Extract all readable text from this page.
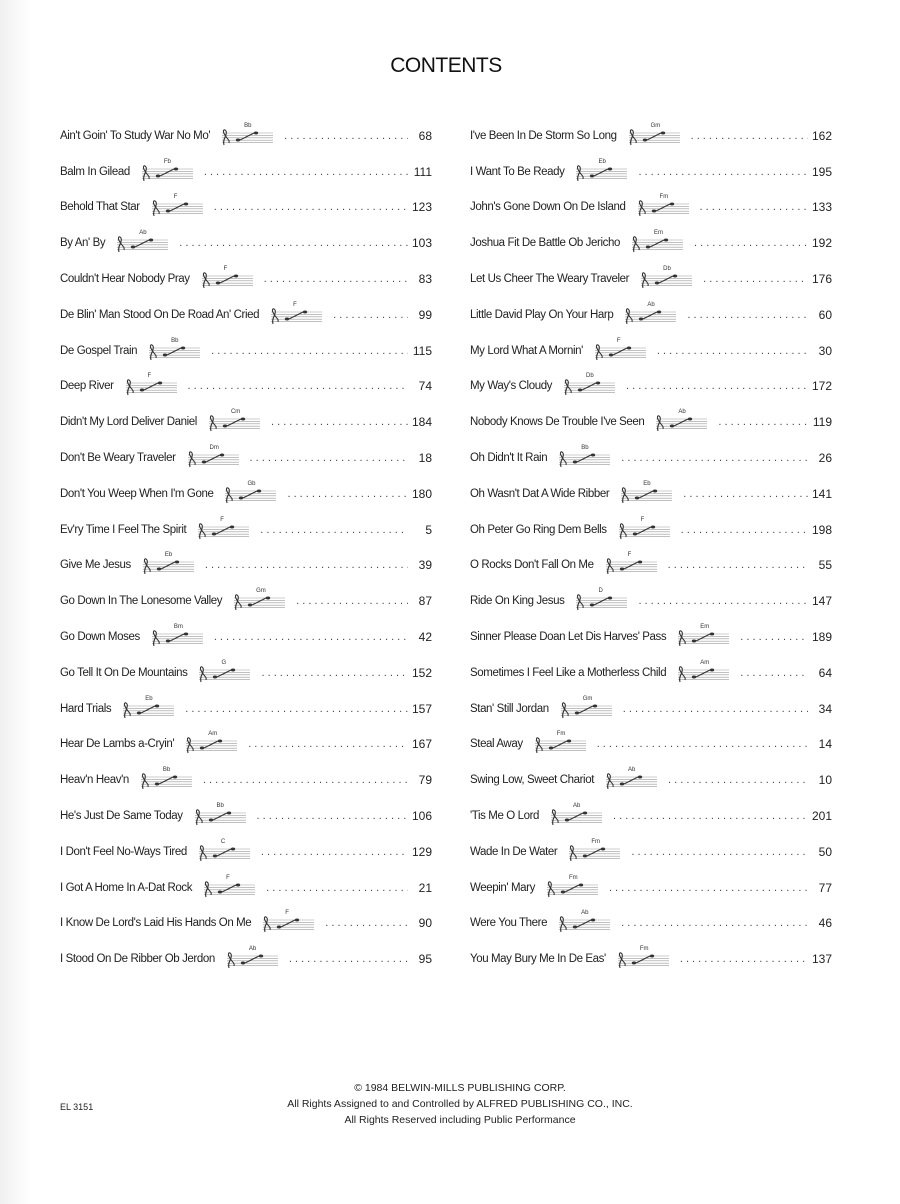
CONTENTS
Ain't Goin' To Study War No Mo'
Bb
. . .
68
Balm In Gilead
Fb
. . .
111
Behold That Star
F
. . .
123
By An' By
Ab
. . .
103
Couldn't Hear Nobody Pray
F
. . .
83
De Blin' Man Stood On De Road An' Cried
F
. . .
99
De Gospel Train
Bb
. . .
115
Deep River
F
. . .
74
Didn't My Lord Deliver Daniel
Cm
. . .
184
Don't Be Weary Traveler
Dm
. . .
18
Don't You Weep When I'm Gone
Gb
. . .
180
Ev'ry Time I Feel The Spirit
F
. . .
5
Give Me Jesus
Eb
. . .
39
Go Down In The Lonesome Valley
Gm
. . .
87
Go Down Moses
Bm
. . .
42
Go Tell It On De Mountains
G
. . .
152
Hard Trials
Eb
. . .
157
Hear De Lambs a-Cryin'
Am
. . .
167
Heav'n Heav'n
Bb
. . .
79
He's Just De Same Today
Bb
. . .
106
I Don't Feel No-Ways Tired
C
. . .
129
I Got A Home In A-Dat Rock
F
. . .
21
I Know De Lord's Laid His Hands On Me
F
. . .
90
I Stood On De Ribber Ob Jerdon
Ab
. . .
95
I've Been In De Storm So Long
Gm
. . .
162
I Want To Be Ready
Eb
. . .
195
John's Gone Down On De Island
Fm
. . .
133
Joshua Fit De Battle Ob Jericho
Em
. . .
192
Let Us Cheer The Weary Traveler
Db
. . .
176
Little David Play On Your Harp
Ab
. . .
60
My Lord What A Mornin'
F
. . .
30
My Way's Cloudy
Db
. . .
172
Nobody Knows De Trouble I've Seen
Ab
. . .
119
Oh Didn't It Rain
Bb
. . .
26
Oh Wasn't Dat A Wide Ribber
Eb
. . .
141
Oh Peter Go Ring Dem Bells
F
. . .
198
O Rocks Don't Fall On Me
F
. . .
55
Ride On King Jesus
D
. . .
147
Sinner Please Doan Let Dis Harves' Pass
Em
. . .
189
Sometimes I Feel Like a Motherless Child
Am
. . .
64
Stan' Still Jordan
Gm
. . .
34
Steal Away
Fm
. . .
14
Swing Low, Sweet Chariot
Ab
. . .
10
'Tis Me O Lord
Ab
. . .
201
Wade In De Water
Fm
. . .
50
Weepin' Mary
Fm
. . .
77
Were You There
Ab
. . .
46
You May Bury Me In De Eas'
Fm
. . .
137
© 1984 BELWIN-MILLS PUBLISHING CORP.
All Rights Assigned to and Controlled by ALFRED PUBLISHING CO., INC.
All Rights Reserved including Public Performance
EL 3151
